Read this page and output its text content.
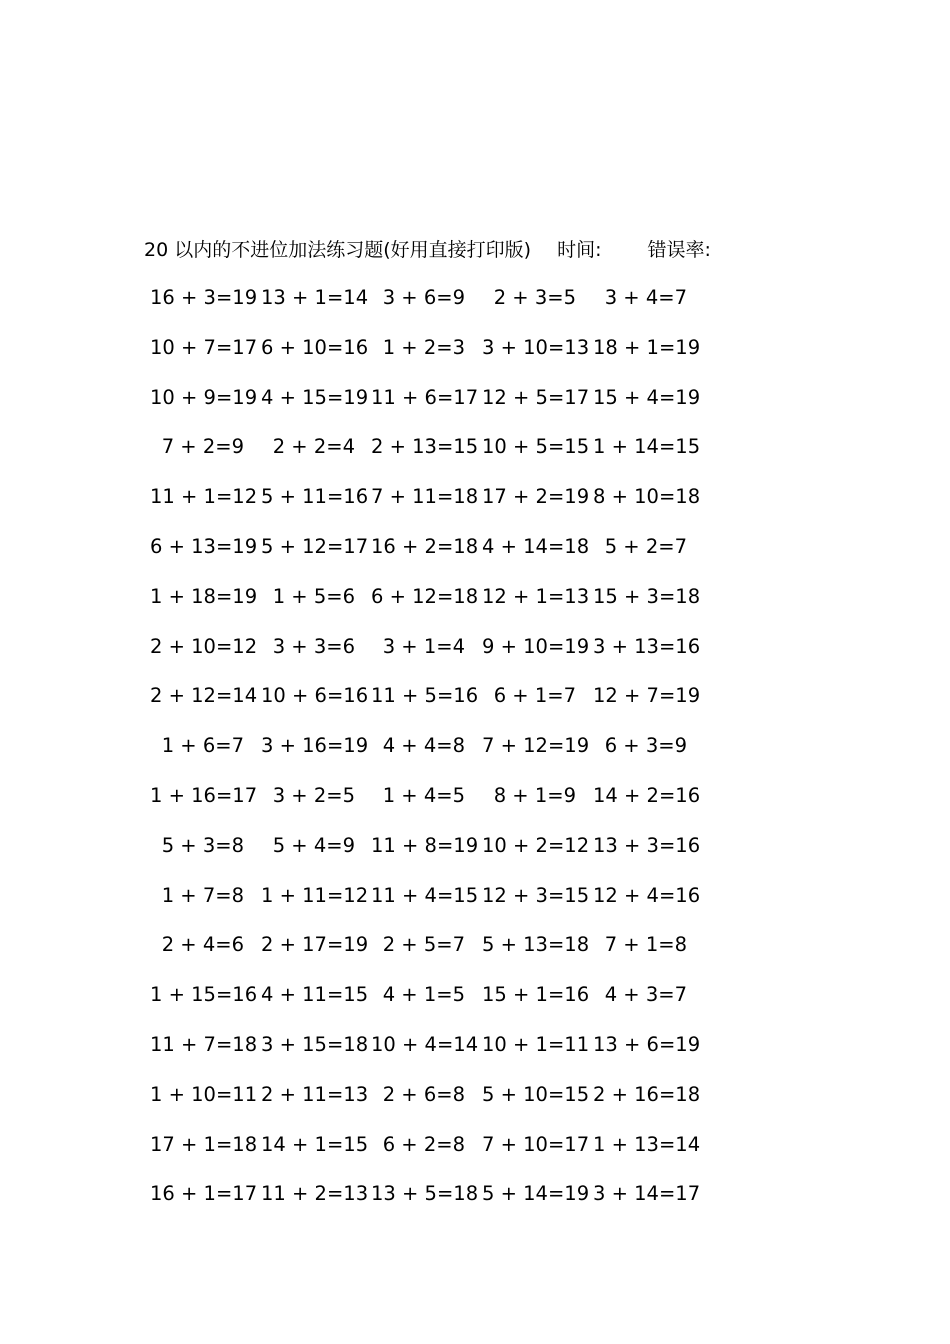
20 以内的不进位加法练习题(好用直接打印版) 时间: 错误率:
16 + 3=19 13 + 1=14 3 + 6=9	2 + 3=5	3 + 4=7
10 + 7=17 6 + 10=16 1 + 2=3 3 + 10=13 18 + 1=19
10 + 9=19 4 + 15=19 11 + 6=17 12 + 5=17 15 + 4=19
7 + 2=9	2 + 2=4 2 + 13=15 10 + 5=15 1 + 14=15
11 + 1=12 5 + 11=16 7 + 11=18 17 + 2=19 8 + 10=18
6 + 13=19 5 + 12=17 16 + 2=18 4 + 14=18 5 + 2=7
1 + 18=19 1 + 5=6 6 + 12=18 12 + 1=13 15 + 3=18
2 + 10=12 3 + 3=6	3 + 1=4 9 + 10=19 3 + 13=16
2 + 12=14 10 + 6=16 11 + 5=16 6 + 1=7 12 + 7=19
1 + 6=7 3 + 16=19 4 + 4=8 7 + 12=19 6 + 3=9
1 + 16=17 3 + 2=5	1 + 4=5	8 + 1=9 14 + 2=16
5 + 3=8	5 + 4=9 11 + 8=19 10 + 2=12 13 + 3=16
1 + 7=8 1 + 11=12 11 + 4=15 12 + 3=15 12 + 4=16
2 + 4=6 2 + 17=19 2 + 5=7 5 + 13=18 7 + 1=8
1 + 15=16 4 + 11=15 4 + 1=5 15 + 1=16 4 + 3=7
11 + 7=18 3 + 15=18 10 + 4=14 10 + 1=11 13 + 6=19
1 + 10=11 2 + 11=13 2 + 6=8 5 + 10=15 2 + 16=18
17 + 1=18 14 + 1=15 6 + 2=8 7 + 10=17 1 + 13=14
16 + 1=17 11 + 2=13 13 + 5=18 5 + 14=19 3 + 14=17
